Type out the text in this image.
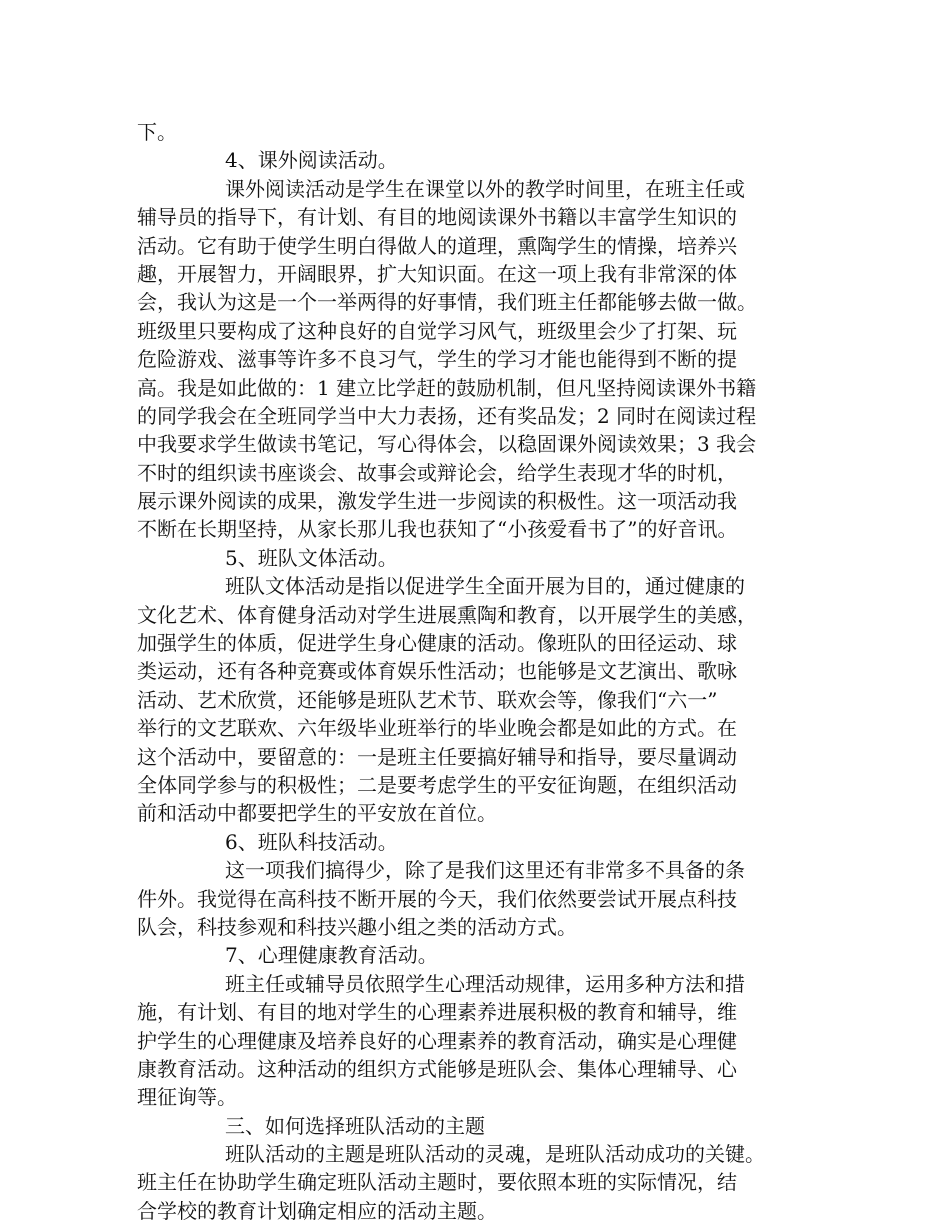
下。
4、课外阅读活动。
课外阅读活动是学生在课堂以外的教学时间里，在班主任或
辅导员的指导下，有计划、有目的地阅读课外书籍以丰富学生知识的
活动。它有助于使学生明白得做人的道理，熏陶学生的情操，培养兴
趣，开展智力，开阔眼界，扩大知识面。在这一项上我有非常深的体
会，我认为这是一个一举两得的好事情，我们班主任都能够去做一做。
班级里只要构成了这种良好的自觉学习风气，班级里会少了打架、玩
危险游戏、滋事等许多不良习气，学生的学习才能也能得到不断的提
高。我是如此做的：1 建立比学赶的鼓励机制，但凡坚持阅读课外书籍
的同学我会在全班同学当中大力表扬，还有奖品发；2 同时在阅读过程
中我要求学生做读书笔记，写心得体会，以稳固课外阅读效果；3 我会
不时的组织读书座谈会、故事会或辩论会，给学生表现才华的时机，
展示课外阅读的成果，激发学生进一步阅读的积极性。这一项活动我
不断在长期坚持，从家长那儿我也获知了“小孩爱看书了”的好音讯。
5、班队文体活动。
班队文体活动是指以促进学生全面开展为目的，通过健康的
文化艺术、体育健身活动对学生进展熏陶和教育，以开展学生的美感，
加强学生的体质，促进学生身心健康的活动。像班队的田径运动、球
类运动，还有各种竞赛或体育娱乐性活动；也能够是文艺演出、歌咏
活动、艺术欣赏，还能够是班队艺术节、联欢会等，像我们“六一”
举行的文艺联欢、六年级毕业班举行的毕业晚会都是如此的方式。在
这个活动中，要留意的：一是班主任要搞好辅导和指导，要尽量调动
全体同学参与的积极性；二是要考虑学生的平安征询题，在组织活动
前和活动中都要把学生的平安放在首位。
6、班队科技活动。
这一项我们搞得少，除了是我们这里还有非常多不具备的条
件外。我觉得在高科技不断开展的今天，我们依然要尝试开展点科技
队会，科技参观和科技兴趣小组之类的活动方式。
7、心理健康教育活动。
班主任或辅导员依照学生心理活动规律，运用多种方法和措
施，有计划、有目的地对学生的心理素养进展积极的教育和辅导，维
护学生的心理健康及培养良好的心理素养的教育活动，确实是心理健
康教育活动。这种活动的组织方式能够是班队会、集体心理辅导、心
理征询等。
三、如何选择班队活动的主题
班队活动的主题是班队活动的灵魂，是班队活动成功的关键。
班主任在协助学生确定班队活动主题时，要依照本班的实际情况，结
合学校的教育计划确定相应的活动主题。
